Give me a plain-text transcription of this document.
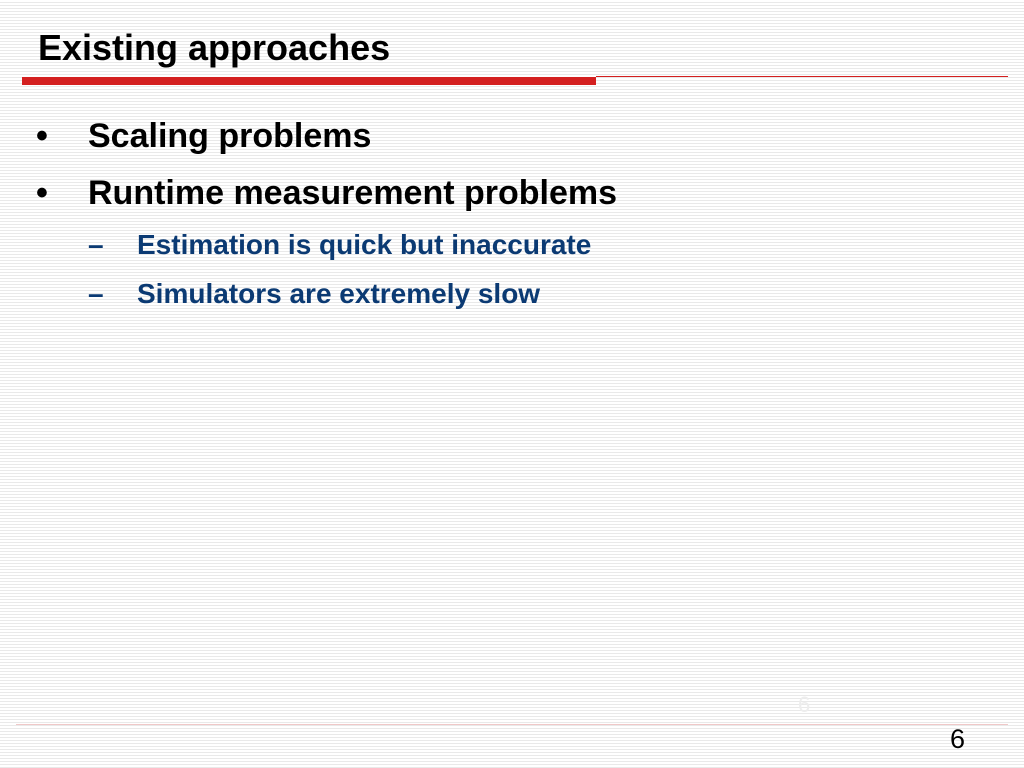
Existing approaches
• Scaling problems
• Runtime measurement problems
– Estimation is quick but inaccurate
– Simulators are extremely slow
6
6
